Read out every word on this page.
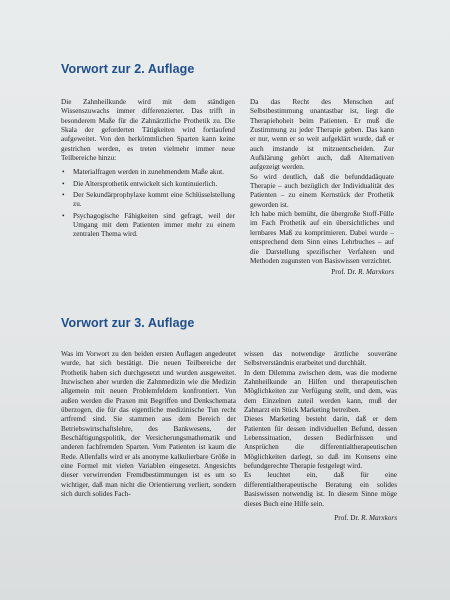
Vorwort zur 2. Auflage

Die Zahnheilkunde wird mit dem ständigen Wissenszuwachs immer differenzierter. Das trifft in besonderem Maße für die Zahnärztliche Prothetik zu. Die Skala der geforderten Tätigkeiten wird fortlaufend aufgeweitet. Von den herkömmlichen Sparten kann keine gestrichen werden, es treten vielmehr immer neue Teilbereiche hinzu:

• Materialfragen werden in zunehmendem Maße akut.
• Die Altersprothetik entwickelt sich kontinuierlich.
• Der Sekundärprophylaxe kommt eine Schlüsselstellung zu.
• Psychagogische Fähigkeiten sind gefragt, weil der Umgang mit dem Patienten immer mehr zu einem zentralen Thema wird.

Da das Recht des Menschen auf Selbstbestimmung unantastbar ist, liegt die Therapiehoheit beim Patienten. Er muß die Zustimmung zu jeder Therapie geben. Das kann er nur, wenn er so weit aufgeklärt wurde, daß er auch imstande ist mitzuentscheiden. Zur Aufklärung gehört auch, daß Alternativen aufgezeigt werden.

So wird deutlich, daß die befunddadäquate Therapie – auch bezüglich der Individualität des Patienten – zu einem Kernstück der Prothetik geworden ist.

Ich habe mich bemüht, die übergroße Stoff-Fülle im Fach Prothetik auf ein übersichtliches und lernbares Maß zu komprimieren. Dabei wurde – entsprechend dem Sinn eines Lehrbuches – auf die Darstellung spezifischer Verfahren und Methoden zugunsten von Basiswissen verzichtet.

Prof. Dr. R. Marxkors
Vorwort zur 3. Auflage

Was im Vorwort zu den beiden ersten Auflagen angedeutet wurde, hat sich bestätigt. Die neuen Teilbereiche der Prothetik haben sich durchgesetzt und wurden ausgeweitet. Inzwischen aber wurden die Zahnmedizin wie die Medizin allgemein mit neuen Problemfeldern konfrontiert. Von außen werden die Praxen mit Begriffen und Denkschemata überzogen, die für das eigentliche medizinische Tun recht artfremd sind. Sie stammen aus dem Bereich der Betriebswirtschaftslehre, des Bankwesens, der Beschäftigungspolitik, der Versicherungsmathematik und anderen fachfremden Sparten. Vom Patienten ist kaum die Rede. Allenfalls wird er als anonyme kalkulierbare Größe in eine Formel mit vielen Variablen eingesetzt. Angesichts dieser verwirrenden Fremdbestimmungen ist es um so wichtiger, daß man nicht die Orientierung verliert, sondern sich durch solides Fach-

wissen das notwendige ärztliche souveräne Selbstverständnis erarbeitet und durchhält.

In dem Dilemma zwischen dem, was die moderne Zahnheilkunde an Hilfen und therapeutischen Möglichkeiten zur Verfügung stellt, und dem, was dem Einzelnen zuteil werden kann, muß der Zahnarzt ein Stück Marketing betreiben.

Dieses Marketing besteht darin, daß er dem Patienten für dessen individuellen Befund, dessen Lebenssituation, dessen Bedürfnissen und Ansprüchen die differentialtherapeutischen Möglichkeiten darlegt, so daß im Konsens eine befundgerechte Therapie festgelegt wird.

Es leuchtet ein, daß für eine differentialtherapeutische Beratung ein solides Basiswissen notwendig ist. In diesem Sinne möge dieses Buch eine Hilfe sein.

Prof. Dr. R. Marxkors
